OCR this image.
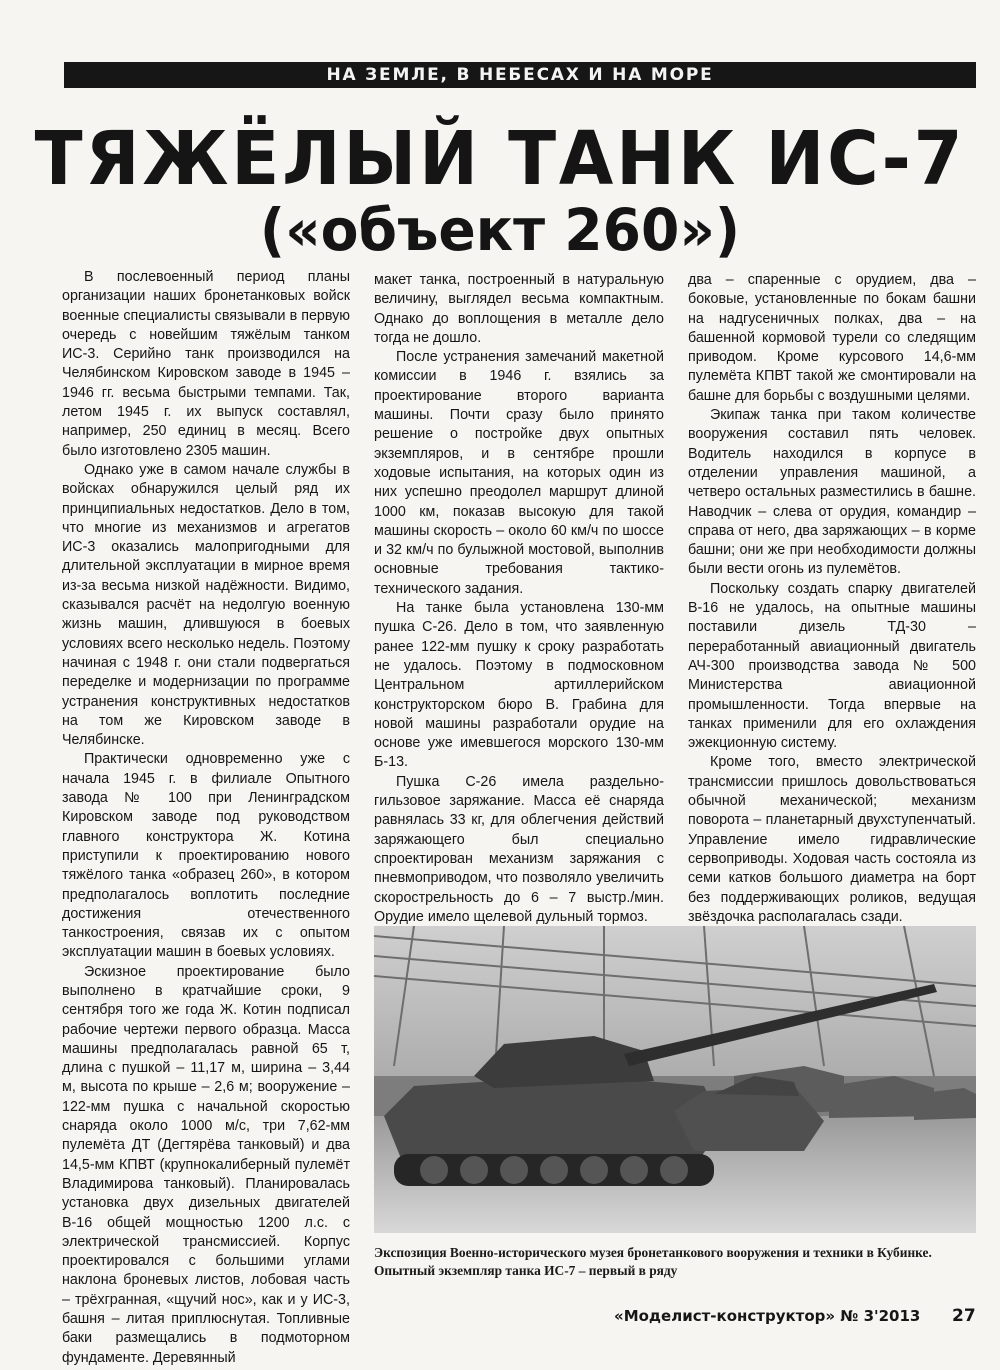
НА ЗЕМЛЕ, В НЕБЕСАХ И НА МОРЕ
ТЯЖЁЛЫЙ ТАНК ИС-7
(«объект 260»)

В послевоенный период планы организации наших бронетанковых войск военные специалисты связывали в первую очередь с новейшим тяжёлым танком ИС-3. Серийно танк производился на Челябинском Кировском заводе в 1945 – 1946 гг. весьма быстрыми темпами. Так, летом 1945 г. их выпуск составлял, например, 250 единиц в месяц. Всего было изготовлено 2305 машин.

Однако уже в самом начале службы в войсках обнаружился целый ряд их принципиальных недостатков. Дело в том, что многие из механизмов и агрегатов ИС-3 оказались малопригодными для длительной эксплуатации в мирное время из-за весьма низкой надёжности. Видимо, сказывался расчёт на недолгую военную жизнь машин, длившуюся в боевых условиях всего несколько недель. Поэтому начиная с 1948 г. они стали подвергаться переделке и модернизации по программе устранения конструктивных недостатков на том же Кировском заводе в Челябинске.

Практически одновременно уже с начала 1945 г. в филиале Опытного завода № 100 при Ленинградском Кировском заводе под руководством главного конструктора Ж. Котина приступили к проектированию нового тяжёлого танка «образец 260», в котором предполагалось воплотить последние достижения отечественного танкостроения, связав их с опытом эксплуатации машин в боевых условиях.

Эскизное проектирование было выполнено в кратчайшие сроки, 9 сентября того же года Ж. Котин подписал рабочие чертежи первого образца. Масса машины предполагалась равной 65 т, длина с пушкой – 11,17 м, ширина – 3,44 м, высота по крыше – 2,6 м; вооружение – 122-мм пушка с начальной скоростью снаряда около 1000 м/с, три 7,62-мм пулемёта ДТ (Дегтярёва танковый) и два 14,5-мм КПВТ (крупнокалиберный пулемёт Владимирова танковый). Планировалась установка двух дизельных двигателей В-16 общей мощностью 1200 л.с. с электрической трансмиссией. Корпус проектировался с большими углами наклона броневых листов, лобовая часть – трёхгранная, «щучий нос», как и у ИС-3, башня – литая приплюснутая. Топливные баки размещались в подмоторном фундаменте. Деревянный

макет танка, построенный в натуральную величину, выглядел весьма компактным. Однако до воплощения в металле дело тогда не дошло.

После устранения замечаний макетной комиссии в 1946 г. взялись за проектирование второго варианта машины. Почти сразу было принято решение о постройке двух опытных экземпляров, и в сентябре прошли ходовые испытания, на которых один из них успешно преодолел маршрут длиной 1000 км, показав высокую для такой машины скорость – около 60 км/ч по шоссе и 32 км/ч по булыжной мостовой, выполнив основные требования тактико-технического задания.

На танке была установлена 130-мм пушка С-26. Дело в том, что заявленную ранее 122-мм пушку к сроку разработать не удалось. Поэтому в подмосковном Центральном артиллерийском конструкторском бюро В. Грабина для новой машины разработали орудие на основе уже имевшегося морского 130-мм Б-13.

Пушка С-26 имела раздельно-гильзовое заряжание. Масса её снаряда равнялась 33 кг, для облегчения действий заряжающего был специально спроектирован механизм заряжания с пневмоприводом, что позволяло увеличить скорострельность до 6 – 7 выстр./мин. Орудие имело щелевой дульный тормоз.

два – спаренные с орудием, два – боковые, установленные по бокам башни на надгусеничных полках, два – на башенной кормовой турели со следящим приводом. Кроме курсового 14,6-мм пулемёта КПВТ такой же смонтировали на башне для борьбы с воздушными целями.

Экипаж танка при таком количестве вооружения составил пять человек. Водитель находился в корпусе в отделении управления машиной, а четверо остальных разместились в башне. Наводчик – слева от орудия, командир – справа от него, два заряжающих – в корме башни; они же при необходимости должны были вести огонь из пулемётов.

Поскольку создать спарку двигателей В-16 не удалось, на опытные машины поставили дизель ТД-30 – переработанный авиационный двигатель АЧ-300 производства завода № 500 Министерства авиационной промышленности. Тогда впервые на танках применили для его охлаждения эжекционную систему.

Кроме того, вместо электрической трансмиссии пришлось довольствоваться обычной механической; механизм поворота – планетарный двухступенчатый. Управление имело гидравлические сервоприводы. Ходовая часть состояла из семи катков большого диаметра на борт без поддерживающих роликов, ведущая звёздочка располагалась сзади.

Экспозиция Военно-исторического музея бронетанкового вооружения и техники в Кубинке.
Опытный экземпляр танка ИС-7 – первый в ряду
«Моделист-конструктор» № 3'2013 27
